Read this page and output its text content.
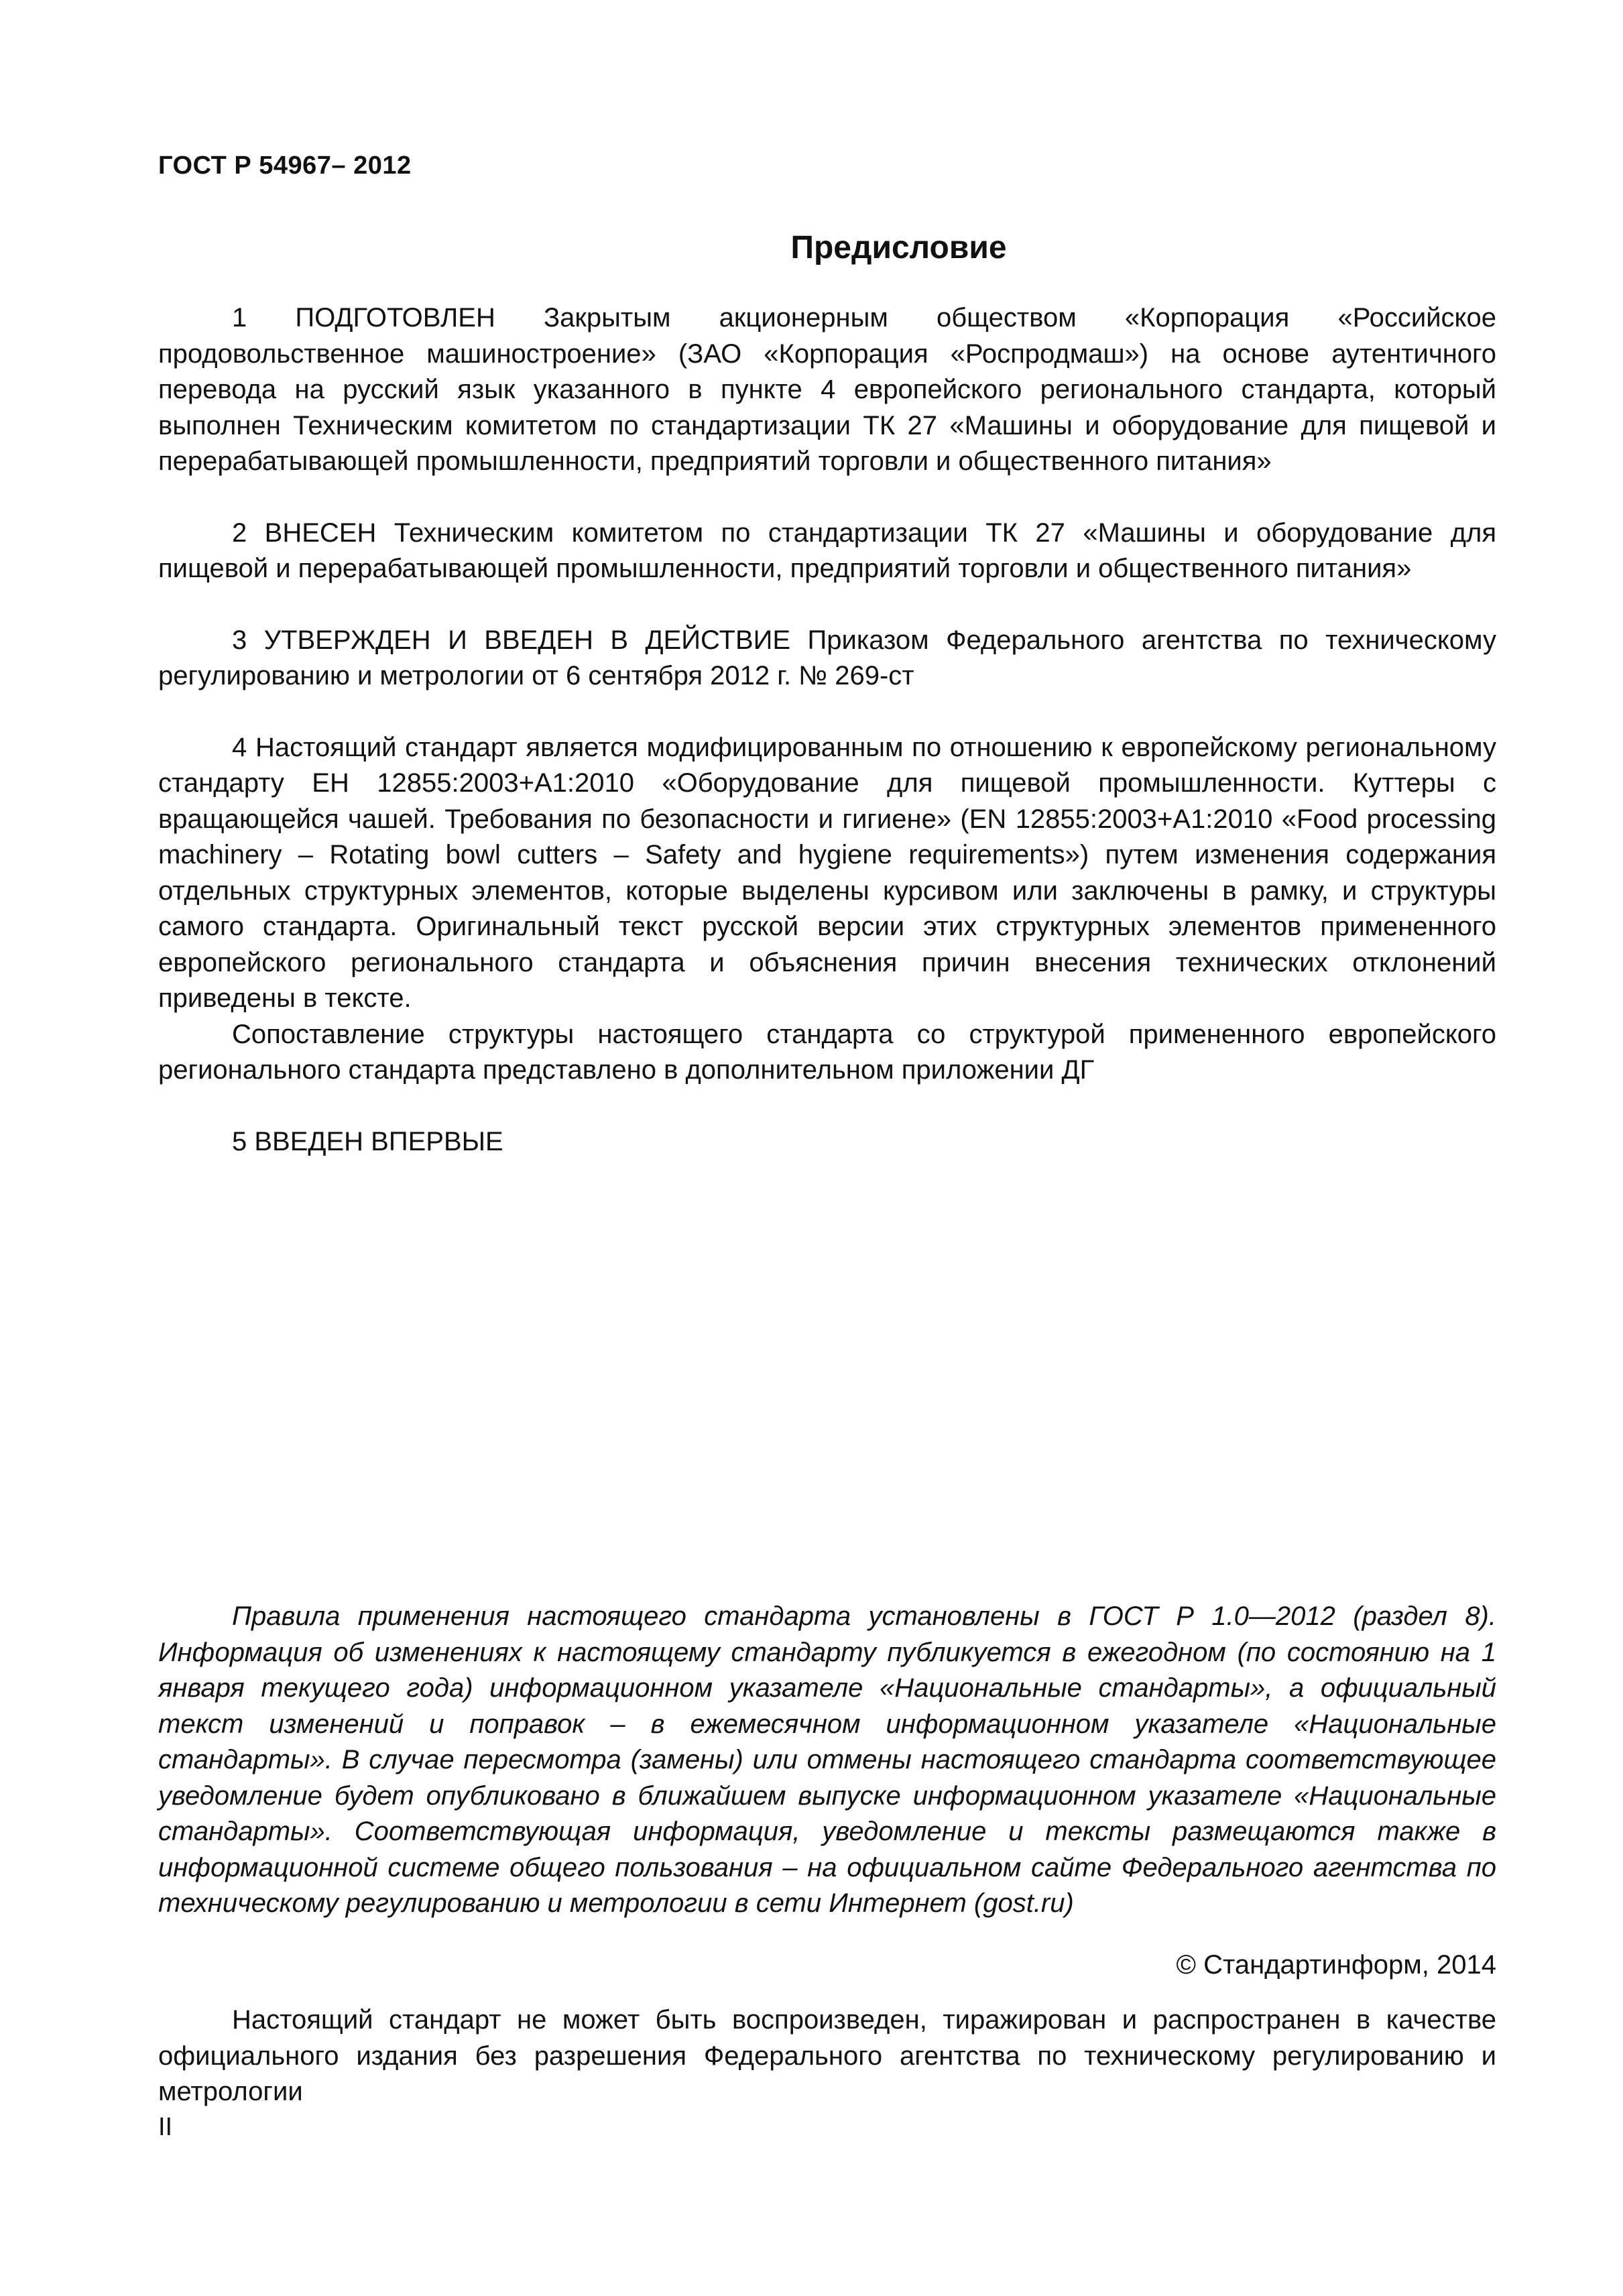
ГОСТ Р 54967– 2012
Предисловие

1 ПОДГОТОВЛЕН Закрытым акционерным обществом «Корпорация «Российское продовольственное машиностроение» (ЗАО «Корпорация «Роспродмаш») на основе аутентичного перевода на русский язык указанного в пункте 4 европейского регионального стандарта, который выполнен Техническим комитетом по стандартизации ТК 27 «Машины и оборудование для пищевой и перерабатывающей промышленности, предприятий торговли и общественного питания»

2 ВНЕСЕН Техническим комитетом по стандартизации ТК 27 «Машины и оборудование для пищевой и перерабатывающей промышленности, предприятий торговли и общественного питания»

3 УТВЕРЖДЕН И ВВЕДЕН В ДЕЙСТВИЕ Приказом Федерального агентства по техническому регулированию и метрологии от 6 сентября 2012 г. № 269-ст

4 Настоящий стандарт является модифицированным по отношению к европейскому региональному стандарту ЕН 12855:2003+А1:2010 «Оборудование для пищевой промышленности. Куттеры с вращающейся чашей. Требования по безопасности и гигиене» (EN 12855:2003+A1:2010 «Food processing machinery – Rotating bowl cutters – Safety and hygiene requirements») путем изменения содержания отдельных структурных элементов, которые выделены курсивом или заключены в рамку, и структуры самого стандарта. Оригинальный текст русской версии этих структурных элементов примененного европейского регионального стандарта и объяснения причин внесения технических отклонений приведены в тексте.

Сопоставление структуры настоящего стандарта со структурой примененного европейского регионального стандарта представлено в дополнительном приложении ДГ

5 ВВЕДЕН ВПЕРВЫЕ

Правила применения настоящего стандарта установлены в ГОСТ Р 1.0—2012 (раздел 8). Информация об изменениях к настоящему стандарту публикуется в ежегодном (по состоянию на 1 января текущего года) информационном указателе «Национальные стандарты», а официальный текст изменений и поправок – в ежемесячном информационном указателе «Национальные стандарты». В случае пересмотра (замены) или отмены настоящего стандарта соответствующее уведомление будет опубликовано в ближайшем выпуске информационном указателе «Национальные стандарты». Соответствующая информация, уведомление и тексты размещаются также в информационной системе общего пользования – на официальном сайте Федерального агентства по техническому регулированию и метрологии в сети Интернет (gost.ru)

© Стандартинформ, 2014

Настоящий стандарт не может быть воспроизведен, тиражирован и распространен в качестве официального издания без разрешения Федерального агентства по техническому регулированию и метрологии

II
